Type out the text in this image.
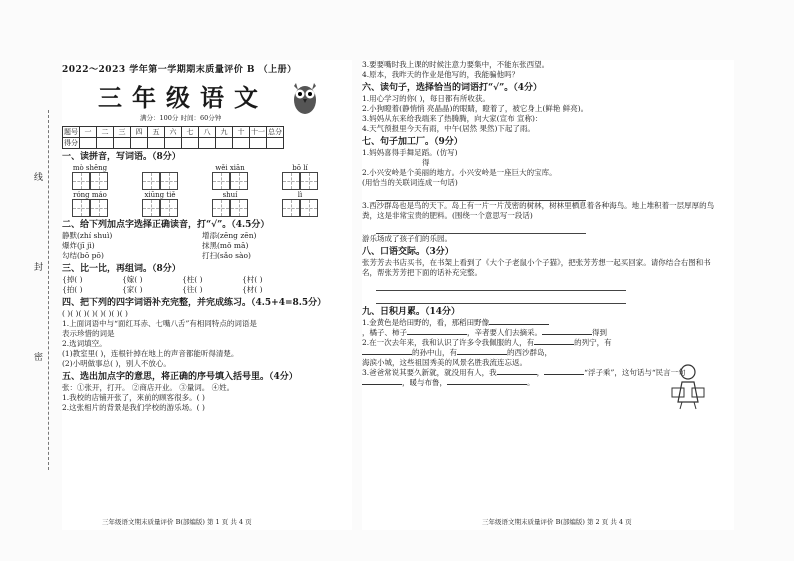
线
封
密
2022～2023 学年第一学期期末质量评价 B （上册）
三年级语文
满分：100分 时间：60分钟
题号	一	二	三	四	五	六	七	八	九	十	十一	总分
得分												
一、读拼音，写词语。（8分）
mò shēng	wěi xiān	bō lí
róng máo	xiūng tiě	shuí	lì
二、给下列加点字选择正确读音，打“√”。（4.5分）
静默(zhí shuì)	增添(zēng zēn)
爆炸(jī jì)	抹黑(mǒ mā)
勾结(bō pō)	打扫(sǎo sào)
三、比一比，再组词。（8分）
{掉( )	{嫁( )	{柱( )	{村( )
{拍( )	{家( )	{往( )	{材( )
四、把下列的四字词语补充完整，并完成练习。（4.5+4=8.5分）
( )( )( )( )( )( )( )( )
1.上面词语中与“面红耳赤、七嘴八舌”有相同特点的词语是
表示珍惜的词是
2.选词填空。
(1)教室里( )，连根针掉在地上的声音都能听得清楚。
(2)小明做事总( )，别人不放心。
五、选出加点字的意思，将正确的序号填入括号里。（4分）
张：①张开，打开。 ②商店开业。 ③量词。 ④姓。
1.我校的店铺开张了，來前的顾客很多。( )
2.这张相片的背景是我们学校的游乐场。( )
三年级语文期末质量评价 B(部编版) 第 1 页 共 4 页
3.要要嘴时我上课的时候注意力要集中，不能东张西望。
4.原本，我昨天的作业是他写的，我能骗他吗？
六、读句子，选择恰当的词语打“√”。（4分）
1.用心学习的你( )，每日都有所收获。
2.小狗瞪着(静悄悄 亮晶晶)的眼睛，瞪着了，被它身上(鲜艳 鲜亮)。
3.妈妈从东来给我端来了热腾腾，向大家(宣布 宣称)：
4.天气预报里今天有雨，中午(居然 果然)下起了雨。
七、句子加工厂。（9分）
1.妈妈喜得手舞足蹈。(仿写)
得
2.小兴安岭是个美丽的地方。小兴安岭是一座巨大的宝库。
(用恰当的关联词连成一句话)
3.西沙群岛也是鸟的天下。岛上有一片一片茂密的树林，树林里栖息着各种海鸟。地上堆积着一层厚厚的鸟粪，这是非常宝贵的肥料。(围绕一个意思写一段话)
游乐场成了孩子们的乐园。
八、口语交际。（3分）
张芳芳去书店买书，在书架上看到了《大个子老鼠小个子猫》，把张芳芳想一起买回家。请你结合右图和书名，帮张芳芳把下面的话补充完整。
九、日积月累。（14分）
1.金黄色是给田野的，看，那稻田野像
，橘子、柿子	，辛者要人们去摘采。	得到
2.在一次去年来，我和认识了许多令我佩服的人，有	的列宁，有
的孙中山，有	的西沙群岛，
海滨小城，这些祖国秀美的风景名胜我流连忘返。
3.爸爸常说其要久新就，就没用有人，我	，	“浮子乘”，这句话与“民言一句
，暖与布鲁，	。
三年级语文期末质量评价 B(部编版) 第 2 页 共 4 页
